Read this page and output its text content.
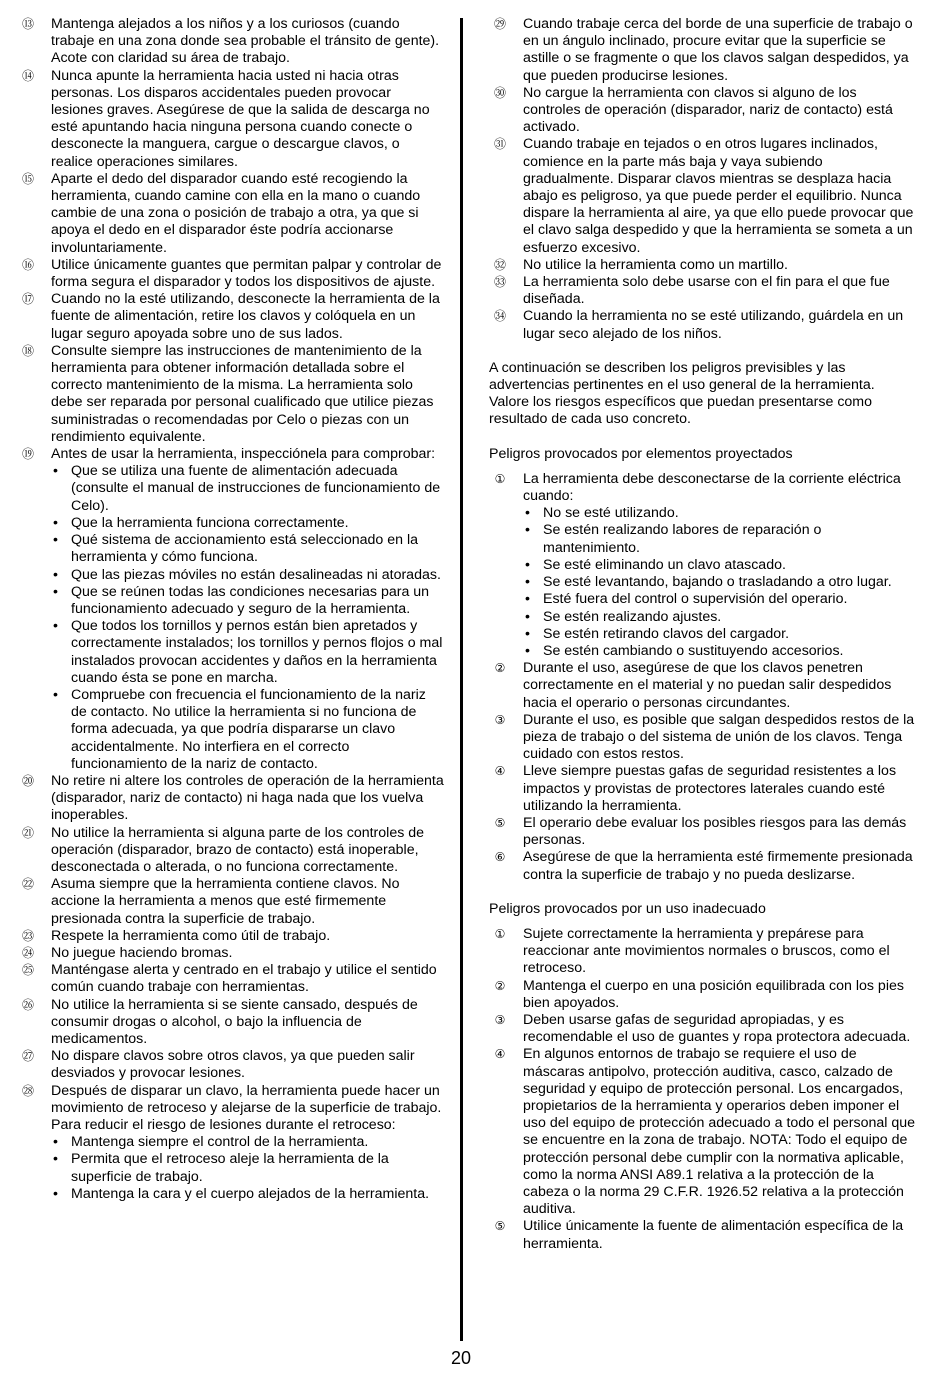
⑬	Mantenga alejados a los niños y a los curiosos (cuando trabaje en una zona donde sea probable el tránsito de gente). Acote con claridad su área de trabajo.
⑭	Nunca apunte la herramienta hacia usted ni hacia otras personas. Los disparos accidentales pueden provocar lesiones graves. Asegúrese de que la salida de descarga no esté apuntando hacia ninguna persona cuando conecte o desconecte la manguera, cargue o descargue clavos, o realice operaciones similares.
⑮	Aparte el dedo del disparador cuando esté recogiendo la herramienta, cuando camine con ella en la mano o cuando cambie de una zona o posición de trabajo a otra, ya que si apoya el dedo en el disparador éste podría accionarse involuntariamente.
⑯	Utilice únicamente guantes que permitan palpar y controlar de forma segura el disparador y todos los dispositivos de ajuste.
⑰	Cuando no la esté utilizando, desconecte la herramienta de la fuente de alimentación, retire los clavos y colóquela en un lugar seguro apoyada sobre uno de sus lados.
⑱	Consulte siempre las instrucciones de mantenimiento de la herramienta para obtener información detallada sobre el correcto mantenimiento de la misma. La herramienta solo debe ser reparada por personal cualificado que utilice piezas suministradas o recomendadas por Celo o piezas con un rendimiento equivalente.
⑲	Antes de usar la herramienta, inspecciónela para comprobar:
• Que se utiliza una fuente de alimentación adecuada (consulte el manual de instrucciones de funcionamiento de Celo).
• Que la herramienta funciona correctamente.
• Qué sistema de accionamiento está seleccionado en la herramienta y cómo funciona.
• Que las piezas móviles no están desalineadas ni atoradas.
• Que se reúnen todas las condiciones necesarias para un funcionamiento adecuado y seguro de la herramienta.
• Que todos los tornillos y pernos están bien apretados y correctamente instalados; los tornillos y pernos flojos o mal instalados provocan accidentes y daños en la herramienta cuando ésta se pone en marcha.
• Compruebe con frecuencia el funcionamiento de la nariz de contacto. No utilice la herramienta si no funciona de forma adecuada, ya que podría dispararse un clavo accidentalmente. No interfiera en el correcto funcionamiento de la nariz de contacto.
⑳	No retire ni altere los controles de operación de la herramienta (disparador, nariz de contacto) ni haga nada que los vuelva inoperables.
㉑	No utilice la herramienta si alguna parte de los controles de operación (disparador, brazo de contacto) está inoperable, desconectada o alterada, o no funciona correctamente.
㉒	Asuma siempre que la herramienta contiene clavos. No accione la herramienta a menos que esté firmemente presionada contra la superficie de trabajo.
㉓	Respete la herramienta como útil de trabajo.
㉔	No juegue haciendo bromas.
㉕	Manténgase alerta y centrado en el trabajo y utilice el sentido común cuando trabaje con herramientas.
㉖	No utilice la herramienta si se siente cansado, después de consumir drogas o alcohol, o bajo la influencia de medicamentos.
㉗	No dispare clavos sobre otros clavos, ya que pueden salir desviados y provocar lesiones.
㉘	Después de disparar un clavo, la herramienta puede hacer un movimiento de retroceso y alejarse de la superficie de trabajo. Para reducir el riesgo de lesiones durante el retroceso:
• Mantenga siempre el control de la herramienta.
• Permita que el retroceso aleje la herramienta de la superficie de trabajo.
• Mantenga la cara y el cuerpo alejados de la herramienta.
㉙	Cuando trabaje cerca del borde de una superficie de trabajo o en un ángulo inclinado, procure evitar que la superficie se astille o se fragmente o que los clavos salgan despedidos, ya que pueden producirse lesiones.
㉚	No cargue la herramienta con clavos si alguno de los controles de operación (disparador, nariz de contacto) está activado.
㉛	Cuando trabaje en tejados o en otros lugares inclinados, comience en la parte más baja y vaya subiendo gradualmente. Disparar clavos mientras se desplaza hacia abajo es peligroso, ya que puede perder el equilibrio. Nunca dispare la herramienta al aire, ya que ello puede provocar que el clavo salga despedido y que la herramienta se someta a un esfuerzo excesivo.
㉜	No utilice la herramienta como un martillo.
㉝	La herramienta solo debe usarse con el fin para el que fue diseñada.
㉞	Cuando la herramienta no se esté utilizando, guárdela en un lugar seco alejado de los niños.

A continuación se describen los peligros previsibles y las advertencias pertinentes en el uso general de la herramienta. Valore los riesgos específicos que puedan presentarse como resultado de cada uso concreto.

Peligros provocados por elementos proyectados

①	La herramienta debe desconectarse de la corriente eléctrica cuando:
• No se esté utilizando.
• Se estén realizando labores de reparación o mantenimiento.
• Se esté eliminando un clavo atascado.
• Se esté levantando, bajando o trasladando a otro lugar.
• Esté fuera del control o supervisión del operario.
• Se estén realizando ajustes.
• Se estén retirando clavos del cargador.
• Se estén cambiando o sustituyendo accesorios.
②	Durante el uso, asegúrese de que los clavos penetren correctamente en el material y no puedan salir despedidos hacia el operario o personas circundantes.
③	Durante el uso, es posible que salgan despedidos restos de la pieza de trabajo o del sistema de unión de los clavos. Tenga cuidado con estos restos.
④	Lleve siempre puestas gafas de seguridad resistentes a los impactos y provistas de protectores laterales cuando esté utilizando la herramienta.
⑤	El operario debe evaluar los posibles riesgos para las demás personas.
⑥	Asegúrese de que la herramienta esté firmemente presionada contra la superficie de trabajo y no pueda deslizarse.

Peligros provocados por un uso inadecuado

①	Sujete correctamente la herramienta y prepárese para reaccionar ante movimientos normales o bruscos, como el retroceso.
②	Mantenga el cuerpo en una posición equilibrada con los pies bien apoyados.
③	Deben usarse gafas de seguridad apropiadas, y es recomendable el uso de guantes y ropa protectora adecuada.
④	En algunos entornos de trabajo se requiere el uso de máscaras antipolvo, protección auditiva, casco, calzado de seguridad y equipo de protección personal. Los encargados, propietarios de la herramienta y operarios deben imponer el uso del equipo de protección adecuado a todo el personal que se encuentre en la zona de trabajo. NOTA: Todo el equipo de protección personal debe cumplir con la normativa aplicable, como la norma ANSI A89.1 relativa a la protección de la cabeza o la norma 29 C.F.R. 1926.52 relativa a la protección auditiva.
⑤	Utilice únicamente la fuente de alimentación específica de la herramienta.
20
